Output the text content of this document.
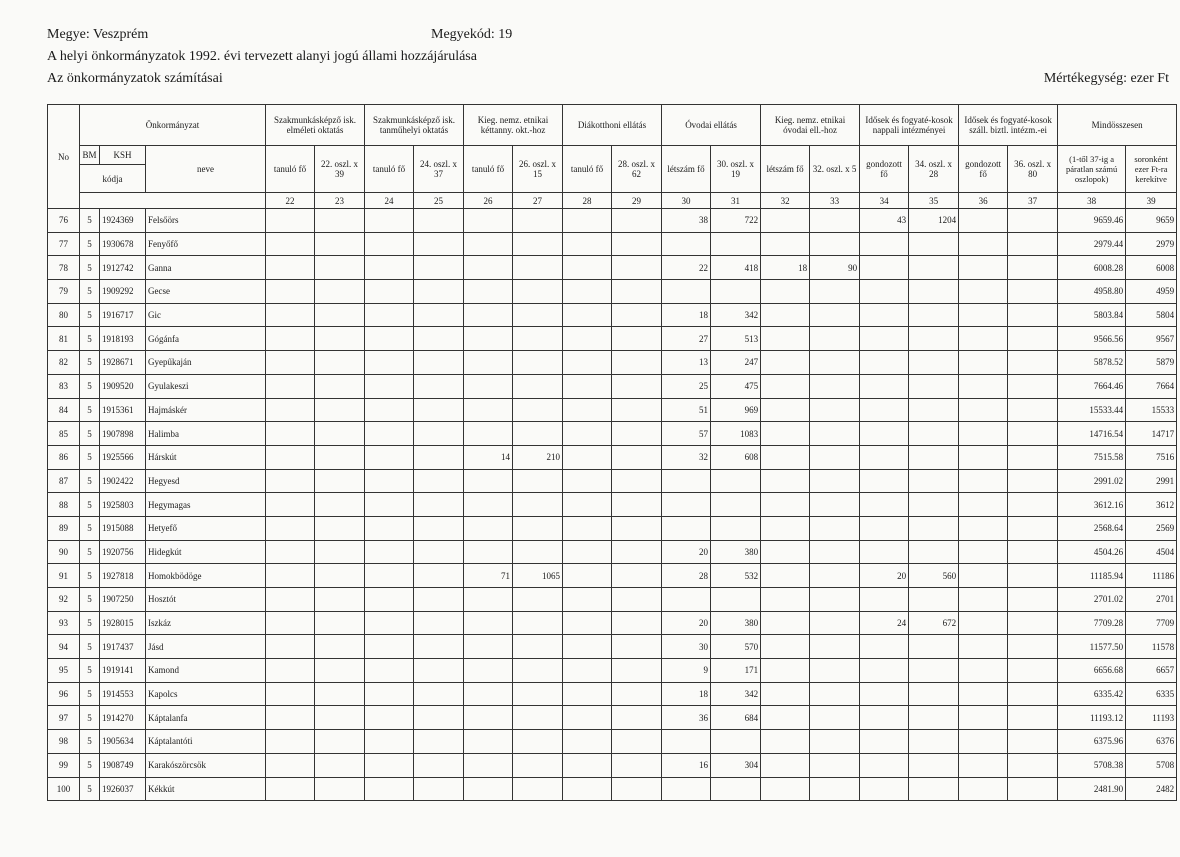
Megye: Veszprém	Megyekód: 19
A helyi önkormányzatok 1992. évi tervezett alanyi jogú állami hozzájárulása
Az önkormányzatok számításai	Mértékegység: ezer Ft
No	Önkormányzat			Szakmunkásképző isk. elméleti oktatás		Szakmunkásképző isk. tanműhelyi oktatás		Kieg. nemz. etnikai kéttanny. okt.-hoz		Diákotthoni ellátás		Óvodai ellátás		Kieg. nemz. etnikai óvodai ell.-hoz		Idősek és fogyaté-kosok nappali intézményei		Idősek és fogyaté-kosok száll. biztl. intézm.-ei		Mindösszesen	
	BM	KSH	neve	tanuló fő	22. oszl. x 39	tanuló fő	24. oszl. x 37	tanuló fő	26. oszl. x 15	tanuló fő	28. oszl. x 62	létszám fő	30. oszl. x 19	létszám fő	32. oszl. x 5	gondozott fő	34. oszl. x 28	gondozott fő	36. oszl. x 80	(1-től 37-ig a páratlan számú oszlopok)	soronként ezer Ft-ra kerekítve
	kódja																				
				22	23	24	25	26	27	28	29	30	31	32	33	34	35	36	37	38	39
76	5	1924369	Felsőörs									38	722			43	1204			9659.46	9659
77	5	1930678	Fenyőfő																	2979.44	2979
78	5	1912742	Ganna									22	418	18	90					6008.28	6008
79	5	1909292	Gecse																	4958.80	4959
80	5	1916717	Gic									18	342							5803.84	5804
81	5	1918193	Gógánfa									27	513							9566.56	9567
82	5	1928671	Gyepűkaján									13	247							5878.52	5879
83	5	1909520	Gyulakeszi									25	475							7664.46	7664
84	5	1915361	Hajmáskér									51	969							15533.44	15533
85	5	1907898	Halimba									57	1083							14716.54	14717
86	5	1925566	Hárskút					14	210			32	608							7515.58	7516
87	5	1902422	Hegyesd																	2991.02	2991
88	5	1925803	Hegymagas																	3612.16	3612
89	5	1915088	Hetyefő																	2568.64	2569
90	5	1920756	Hidegkút									20	380							4504.26	4504
91	5	1927818	Homokbödöge					71	1065			28	532			20	560			11185.94	11186
92	5	1907250	Hosztót																	2701.02	2701
93	5	1928015	Iszkáz									20	380			24	672			7709.28	7709
94	5	1917437	Jásd									30	570							11577.50	11578
95	5	1919141	Kamond									9	171							6656.68	6657
96	5	1914553	Kapolcs									18	342							6335.42	6335
97	5	1914270	Káptalanfa									36	684							11193.12	11193
98	5	1905634	Káptalantóti																	6375.96	6376
99	5	1908749	Karakószörcsök									16	304							5708.38	5708
100	5	1926037	Kékkút																	2481.90	2482
